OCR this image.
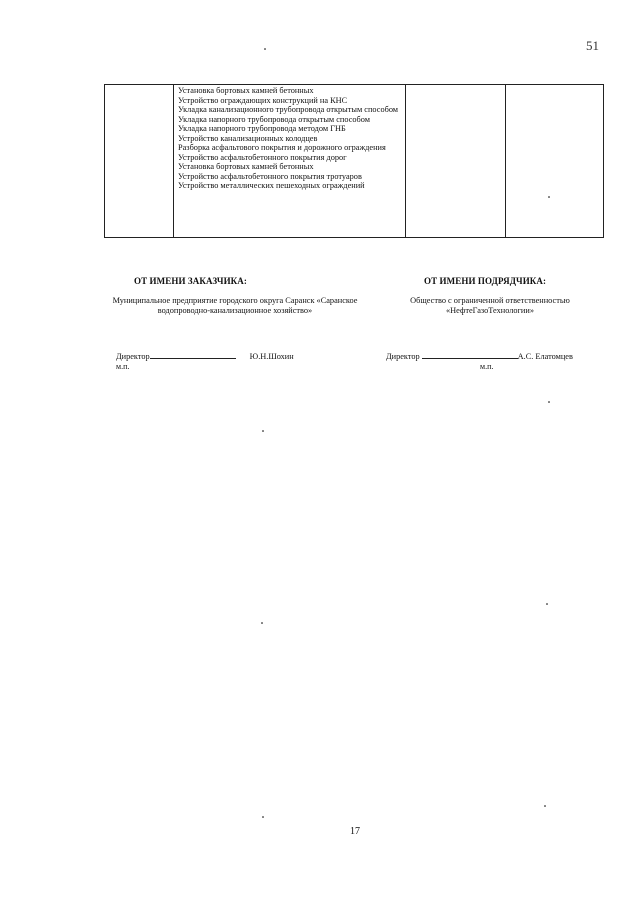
51
Установка бортовых камней бетонных
Устройство ограждающих конструкций на КНС
Укладка канализационного трубопровода открытым способом
Укладка напорного трубопровода открытым способом
Укладка напорного трубопровода методом ГНБ
Устройство канализационных колодцев
Разборка асфальтового покрытия и дорожного ограждения
Устройство асфальтобетонного покрытия дорог
Установка бортовых камней бетонных
Устройство асфальтобетонного покрытия тротуаров
Устройство металлических пешеходных ограждений
ОТ ИМЕНИ ЗАКАЗЧИКА:	ОТ ИМЕНИ ПОДРЯДЧИКА:
Муниципальное предприятие городского округа Саранск «Саранское водопроводно-канализационное хозяйство»
Общество с ограниченной ответственностью «НефтеГазоТехнологии»
Директор	Ю.Н.Шохин	Директор	А.С. Елатомцев
м.п.	м.п.
17
